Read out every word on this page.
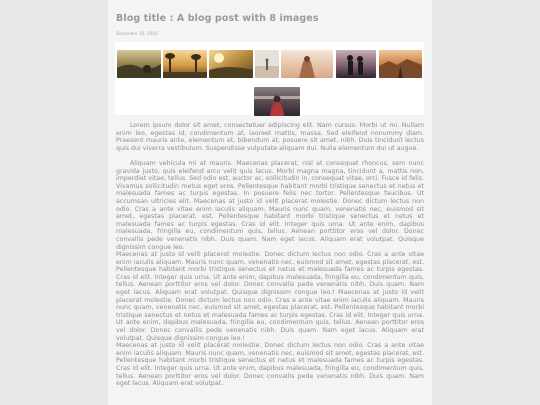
Blog title : A blog post with 8 images
December 16, 2016

Lorem ipsum dolor sit amet, consectetuer adipiscing elit. Nam cursus. Morbi ut mi. Nullam enim leo, egestas id, condimentum at, laoreet mattis, massa. Sed eleifend nonummy diam. Praesent mauris ante, elementum et, bibendum at, posuere sit amet, nibh. Duis tincidunt lectus quis dui viverra vestibulum. Suspendisse vulputate aliquam dui. Nulla elementum dui ut augue.

Aliquam vehicula mi at mauris. Maecenas placerat, nisl at consequat rhoncus, sem nunc gravida justo, quis eleifend arcu velit quis lacus. Morbi magna magna, tincidunt a, mattis non, imperdiet vitae, tellus. Sed odio est, auctor ac, sollicitudin in, consequat vitae, orci. Fusce id felis. Vivamus sollicitudin metus eget eros. Pellentesque habitant morbi tristique senectus et netus et malesuada fames ac turpis egestas. In posuere felis nec tortor. Pellentesque faucibus. Ut accumsan ultricies elit. Maecenas at justo id velit placerat molestie. Donec dictum lectus non odio. Cras a ante vitae enim iaculis aliquam. Mauris nunc quam, venenatis nec, euismod sit amet, egestas placerat, est. Pellentesque habitant morbi tristique senectus et netus et malesuada fames ac turpis egestas. Cras id elit. Integer quis urna. Ut ante enim, dapibus malesuada, fringilla eu, condimentum quis, tellus. Aenean porttitor eros vel dolor. Donec convallis pede venenatis nibh. Duis quam. Nam eget lacus. Aliquam erat volutpat. Quisque dignissim congue leo.

Maecenas at justo id velit placerat molestie. Donec dictum lectus non odio. Cras a ante vitae enim iaculis aliquam. Mauris nunc quam, venenatis nec, euismod sit amet, egestas placerat, est. Pellentesque habitant morbi tristique senectus et netus et malesuada fames ac turpis egestas. Cras id elit. Integer quis urna. Ut ante enim, dapibus malesuada, fringilla eu, condimentum quis, tellus. Aenean porttitor eros vel dolor. Donec convallis pede venenatis nibh. Duis quam. Nam eget lacus. Aliquam erat volutpat. Quisque dignissim congue leo.! Maecenas at justo id velit placerat molestie. Donec dictum lectus non odio. Cras a ante vitae enim iaculis aliquam. Mauris nunc quam, venenatis nec, euismod sit amet, egestas placerat, est. Pellentesque habitant morbi tristique senectus et netus et malesuada fames ac turpis egestas. Cras id elit. Integer quis urna. Ut ante enim, dapibus malesuada, fringilla eu, condimentum quis, tellus. Aenean porttitor eros vel dolor. Donec convallis pede venenatis nibh. Duis quam. Nam eget lacus. Aliquam erat volutpat. Quisque dignissim congue leo.!

Maecenas at justo id velit placerat molestie. Donec dictum lectus non odio. Cras a ante vitae enim iaculis aliquam. Mauris nunc quam, venenatis nec, euismod sit amet, egestas placerat, est. Pellentesque habitant morbi tristique senectus et netus et malesuada fames ac turpis egestas. Cras id elit. Integer quis urna. Ut ante enim, dapibus malesuada, fringilla eu, condimentum quis, tellus. Aenean porttitor eros vel dolor. Donec convallis pede venenatis nibh. Duis quam. Nam eget lacus. Aliquam erat volutpat.
